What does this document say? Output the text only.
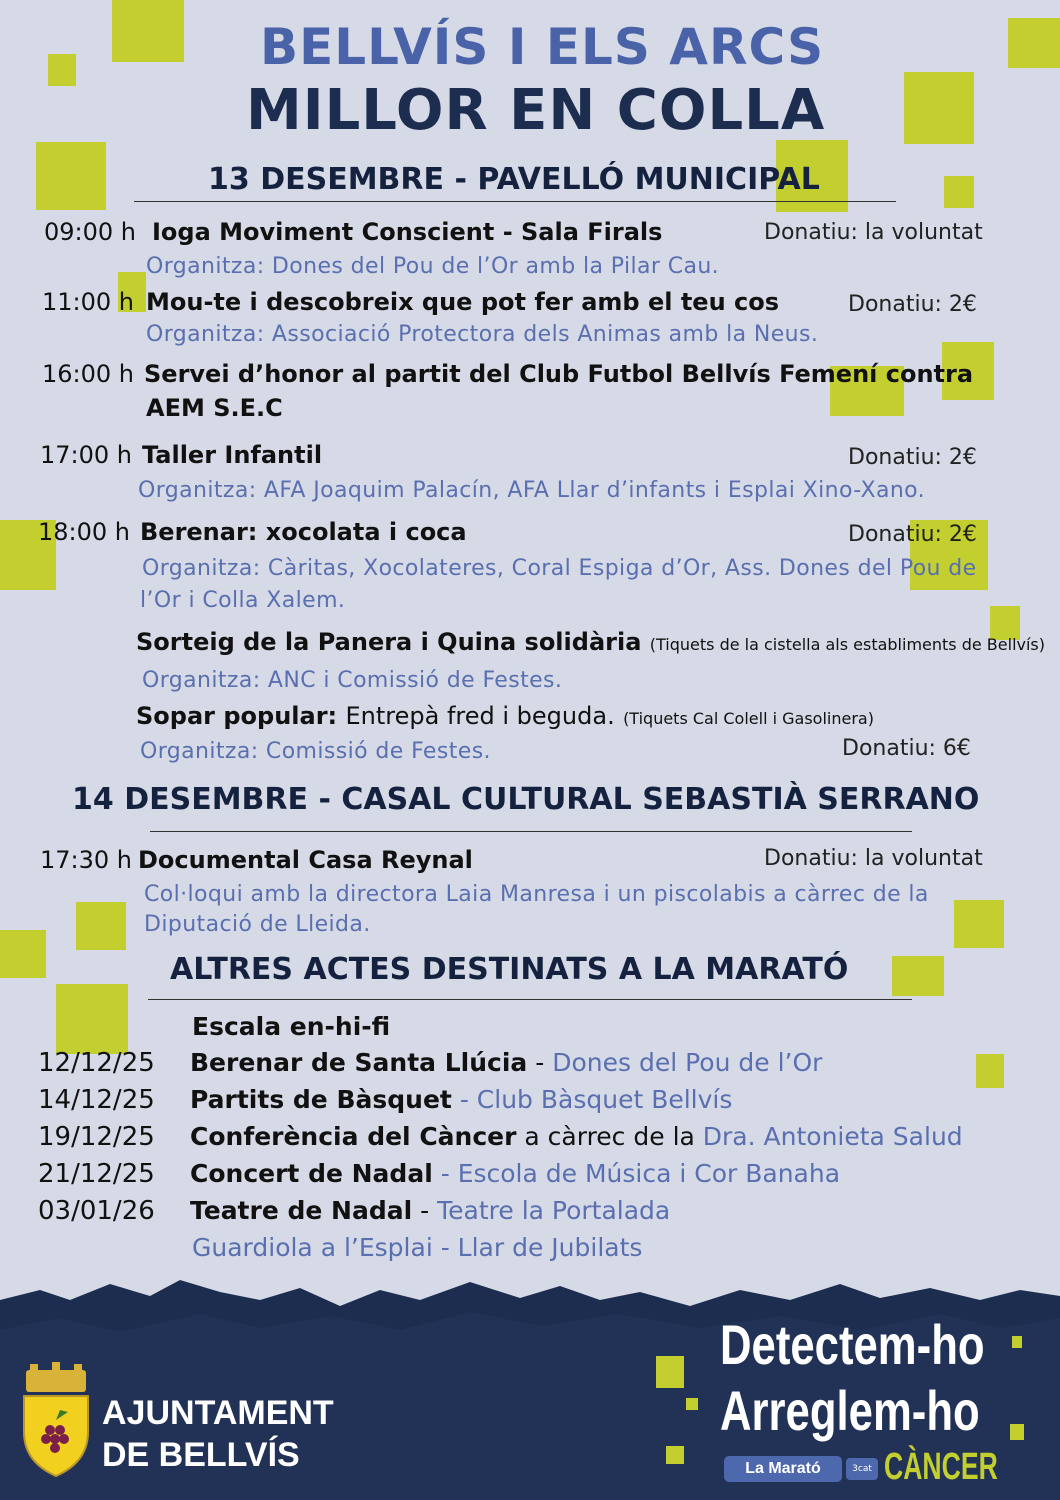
BELLVÍS I ELS ARCS
MILLOR EN COLLA
13 DESEMBRE - PAVELLÓ MUNICIPAL
09:00 h Ioga Moviment Conscient - Sala Firals	Donatiu: la voluntat
Organitza: Dones del Pou de l’Or amb la Pilar Cau.
11:00 h Mou-te i descobreix que pot fer amb el teu cos	Donatiu: 2€
Organitza: Associació Protectora dels Animas amb la Neus.
16:00 h Servei d’honor al partit del Club Futbol Bellvís Femení contra
AEM S.E.C
17:00 h Taller Infantil	Donatiu: 2€
Organitza: AFA Joaquim Palacín, AFA Llar d’infants i Esplai Xino-Xano.
18:00 h Berenar: xocolata i coca	Donatiu: 2€
Organitza: Càritas, Xocolateres, Coral Espiga d’Or, Ass. Dones del Pou de
l’Or i Colla Xalem.
Sorteig de la Panera i Quina solidària (Tiquets de la cistella als establiments de Bellvís)
Organitza: ANC i Comissió de Festes.
Sopar popular: Entrepà fred i beguda. (Tiquets Cal Colell i Gasolinera)
Organitza: Comissió de Festes.	Donatiu: 6€
14 DESEMBRE - CASAL CULTURAL SEBASTIÀ SERRANO
17:30 h Documental Casa Reynal	Donatiu: la voluntat
Col·loqui amb la directora Laia Manresa i un piscolabis a càrrec de la
Diputació de Lleida.
ALTRES ACTES DESTINATS A LA MARATÓ
Escala en-hi-fi
12/12/25 Berenar de Santa Llúcia - Dones del Pou de l’Or
14/12/25 Partits de Bàsquet - Club Bàsquet Bellvís
19/12/25 Conferència del Càncer a càrrec de la Dra. Antonieta Salud
21/12/25 Concert de Nadal - Escola de Música i Cor Banaha
03/01/26 Teatre de Nadal - Teatre la Portalada
Guardiola a l’Esplai - Llar de Jubilats
AJUNTAMENT
DE BELLVÍS
Detectem-ho
Arreglem-ho
La Marató	3cat CÀNCER
